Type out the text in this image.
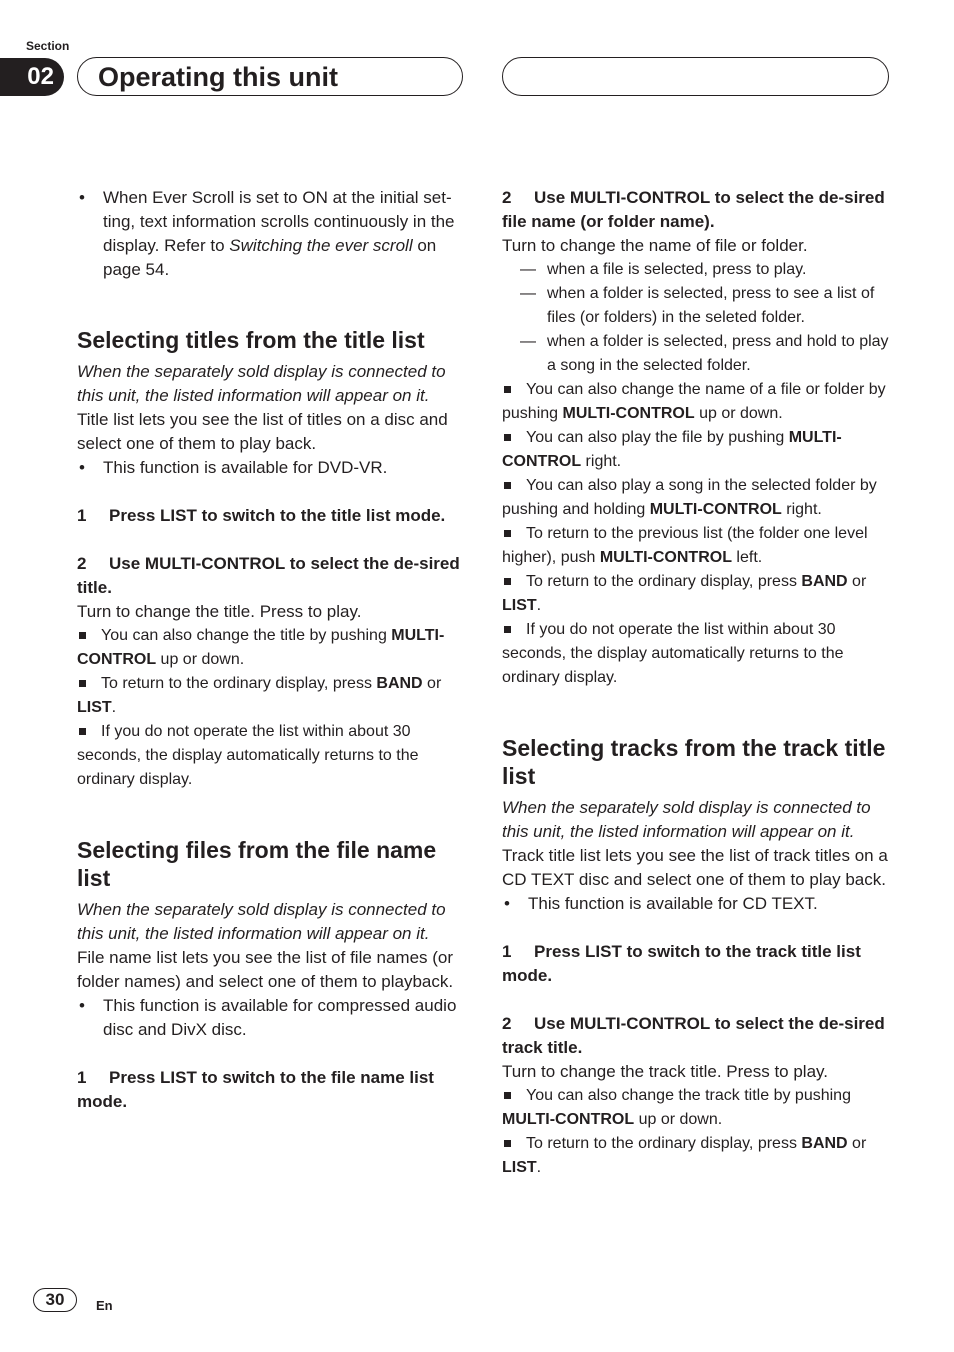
Section
02	Operating this unit

• When Ever Scroll is set to ON at the initial set-ting, text information scrolls continuously in the display. Refer to Switching the ever scroll on page 54.

Selecting titles from the title list

When the separately sold display is connected to this unit, the listed information will appear on it.

Title list lets you see the list of titles on a disc and select one of them to play back.

• This function is available for DVD-VR.

1 Press LIST to switch to the title list mode.

2 Use MULTI-CONTROL to select the de-sired title.

Turn to change the title. Press to play.

You can also change the title by pushing MULTI-CONTROL up or down.

To return to the ordinary display, press BAND or LIST.

If you do not operate the list within about 30 seconds, the display automatically returns to the ordinary display.

Selecting files from the file name list

When the separately sold display is connected to this unit, the listed information will appear on it.

File name list lets you see the list of file names (or folder names) and select one of them to playback.

• This function is available for compressed audio disc and DivX disc.

1 Press LIST to switch to the file name list mode.

2 Use MULTI-CONTROL to select the de-sired file name (or folder name).

Turn to change the name of file or folder.

— when a file is selected, press to play.

— when a folder is selected, press to see a list of files (or folders) in the seleted folder.

— when a folder is selected, press and hold to play a song in the selected folder.

You can also change the name of a file or folder by pushing MULTI-CONTROL up or down.

You can also play the file by pushing MULTI-CONTROL right.

You can also play a song in the selected folder by pushing and holding MULTI-CONTROL right.

To return to the previous list (the folder one level higher), push MULTI-CONTROL left.

To return to the ordinary display, press BAND or LIST.

If you do not operate the list within about 30 seconds, the display automatically returns to the ordinary display.

Selecting tracks from the track title list

When the separately sold display is connected to this unit, the listed information will appear on it.

Track title list lets you see the list of track titles on a CD TEXT disc and select one of them to play back.

• This function is available for CD TEXT.

1 Press LIST to switch to the track title list mode.

2 Use MULTI-CONTROL to select the de-sired track title.

Turn to change the track title. Press to play.

You can also change the track title by pushing MULTI-CONTROL up or down.

To return to the ordinary display, press BAND or LIST.

30	En
